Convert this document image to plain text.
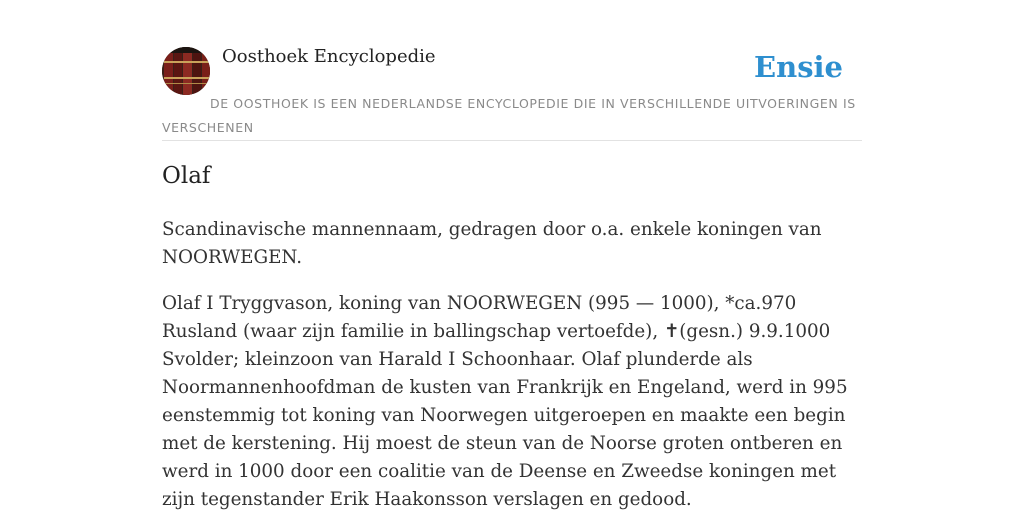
Oosthoek Encyclopedie	Ensie
DE OOSTHOEK IS EEN NEDERLANDSE ENCYCLOPEDIE DIE IN VERSCHILLENDE UITVOERINGEN IS VERSCHENEN
Olaf

Scandinavische mannennaam, gedragen door o.a. enkele koningen van NOORWEGEN.

Olaf I Tryggvason, koning van NOORWEGEN (995 — 1000), *ca.970 Rusland (waar zijn familie in ballingschap vertoefde), ✝(gesn.) 9.9.1000 Svolder; kleinzoon van Harald I Schoonhaar. Olaf plunderde als Noormannenhoofdman de kusten van Frankrijk en Engeland, werd in 995 eenstemmig tot koning van Noorwegen uitgeroepen en maakte een begin met de kerstening. Hij moest de steun van de Noorse groten ontberen en werd in 1000 door een coalitie van de Deense en Zweedse koningen met zijn tegenstander Erik Haakonsson verslagen en gedood.
